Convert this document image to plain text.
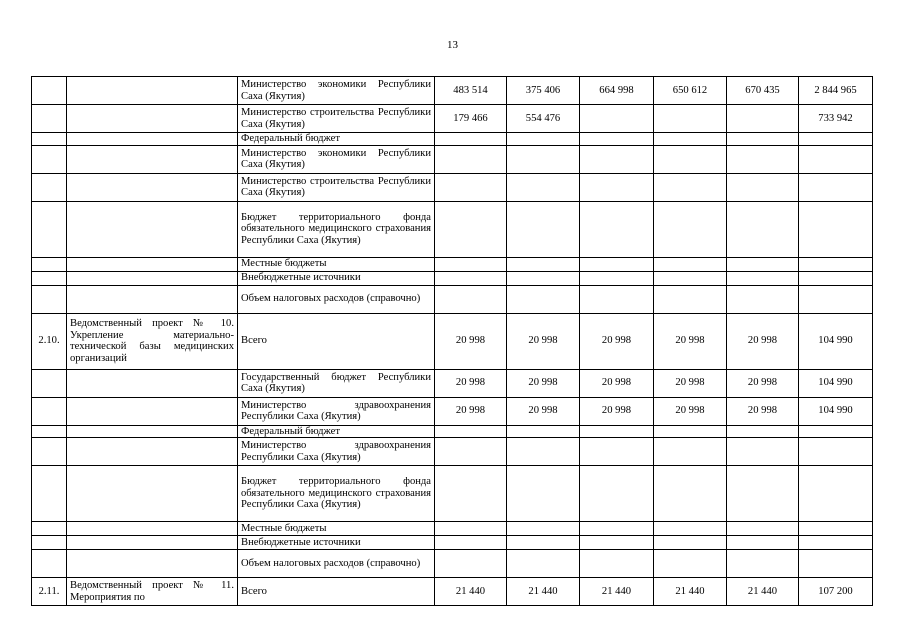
13
		Министерство экономики Республики Саха (Якутия)	483 514	375 406	664 998	650 612	670 435	2 844 965
		Министерство строительства Республики Саха (Якутия)	179 466	554 476				733 942
		Федеральный бюджет						
		Министерство экономики Республики Саха (Якутия)						
		Министерство строительства Республики Саха (Якутия)						
		Бюджет территориального фонда обязательного медицинского страхования Республики Саха (Якутия)						
		Местные бюджеты						
		Внебюджетные источники						
		Объем налоговых расходов (справочно)						
2.10.	Ведомственный проект № 10. Укрепление материально-технической базы медицинских организаций	Всего	20 998	20 998	20 998	20 998	20 998	104 990
		Государственный бюджет Республики Саха (Якутия)	20 998	20 998	20 998	20 998	20 998	104 990
		Министерство здравоохранения Республики Саха (Якутия)	20 998	20 998	20 998	20 998	20 998	104 990
		Федеральный бюджет						
		Министерство здравоохранения Республики Саха (Якутия)						
		Бюджет территориального фонда обязательного медицинского страхования Республики Саха (Якутия)						
		Местные бюджеты						
		Внебюджетные источники						
		Объем налоговых расходов (справочно)						
2.11.	Ведомственный проект № 11. Мероприятия по	Всего	21 440	21 440	21 440	21 440	21 440	107 200
